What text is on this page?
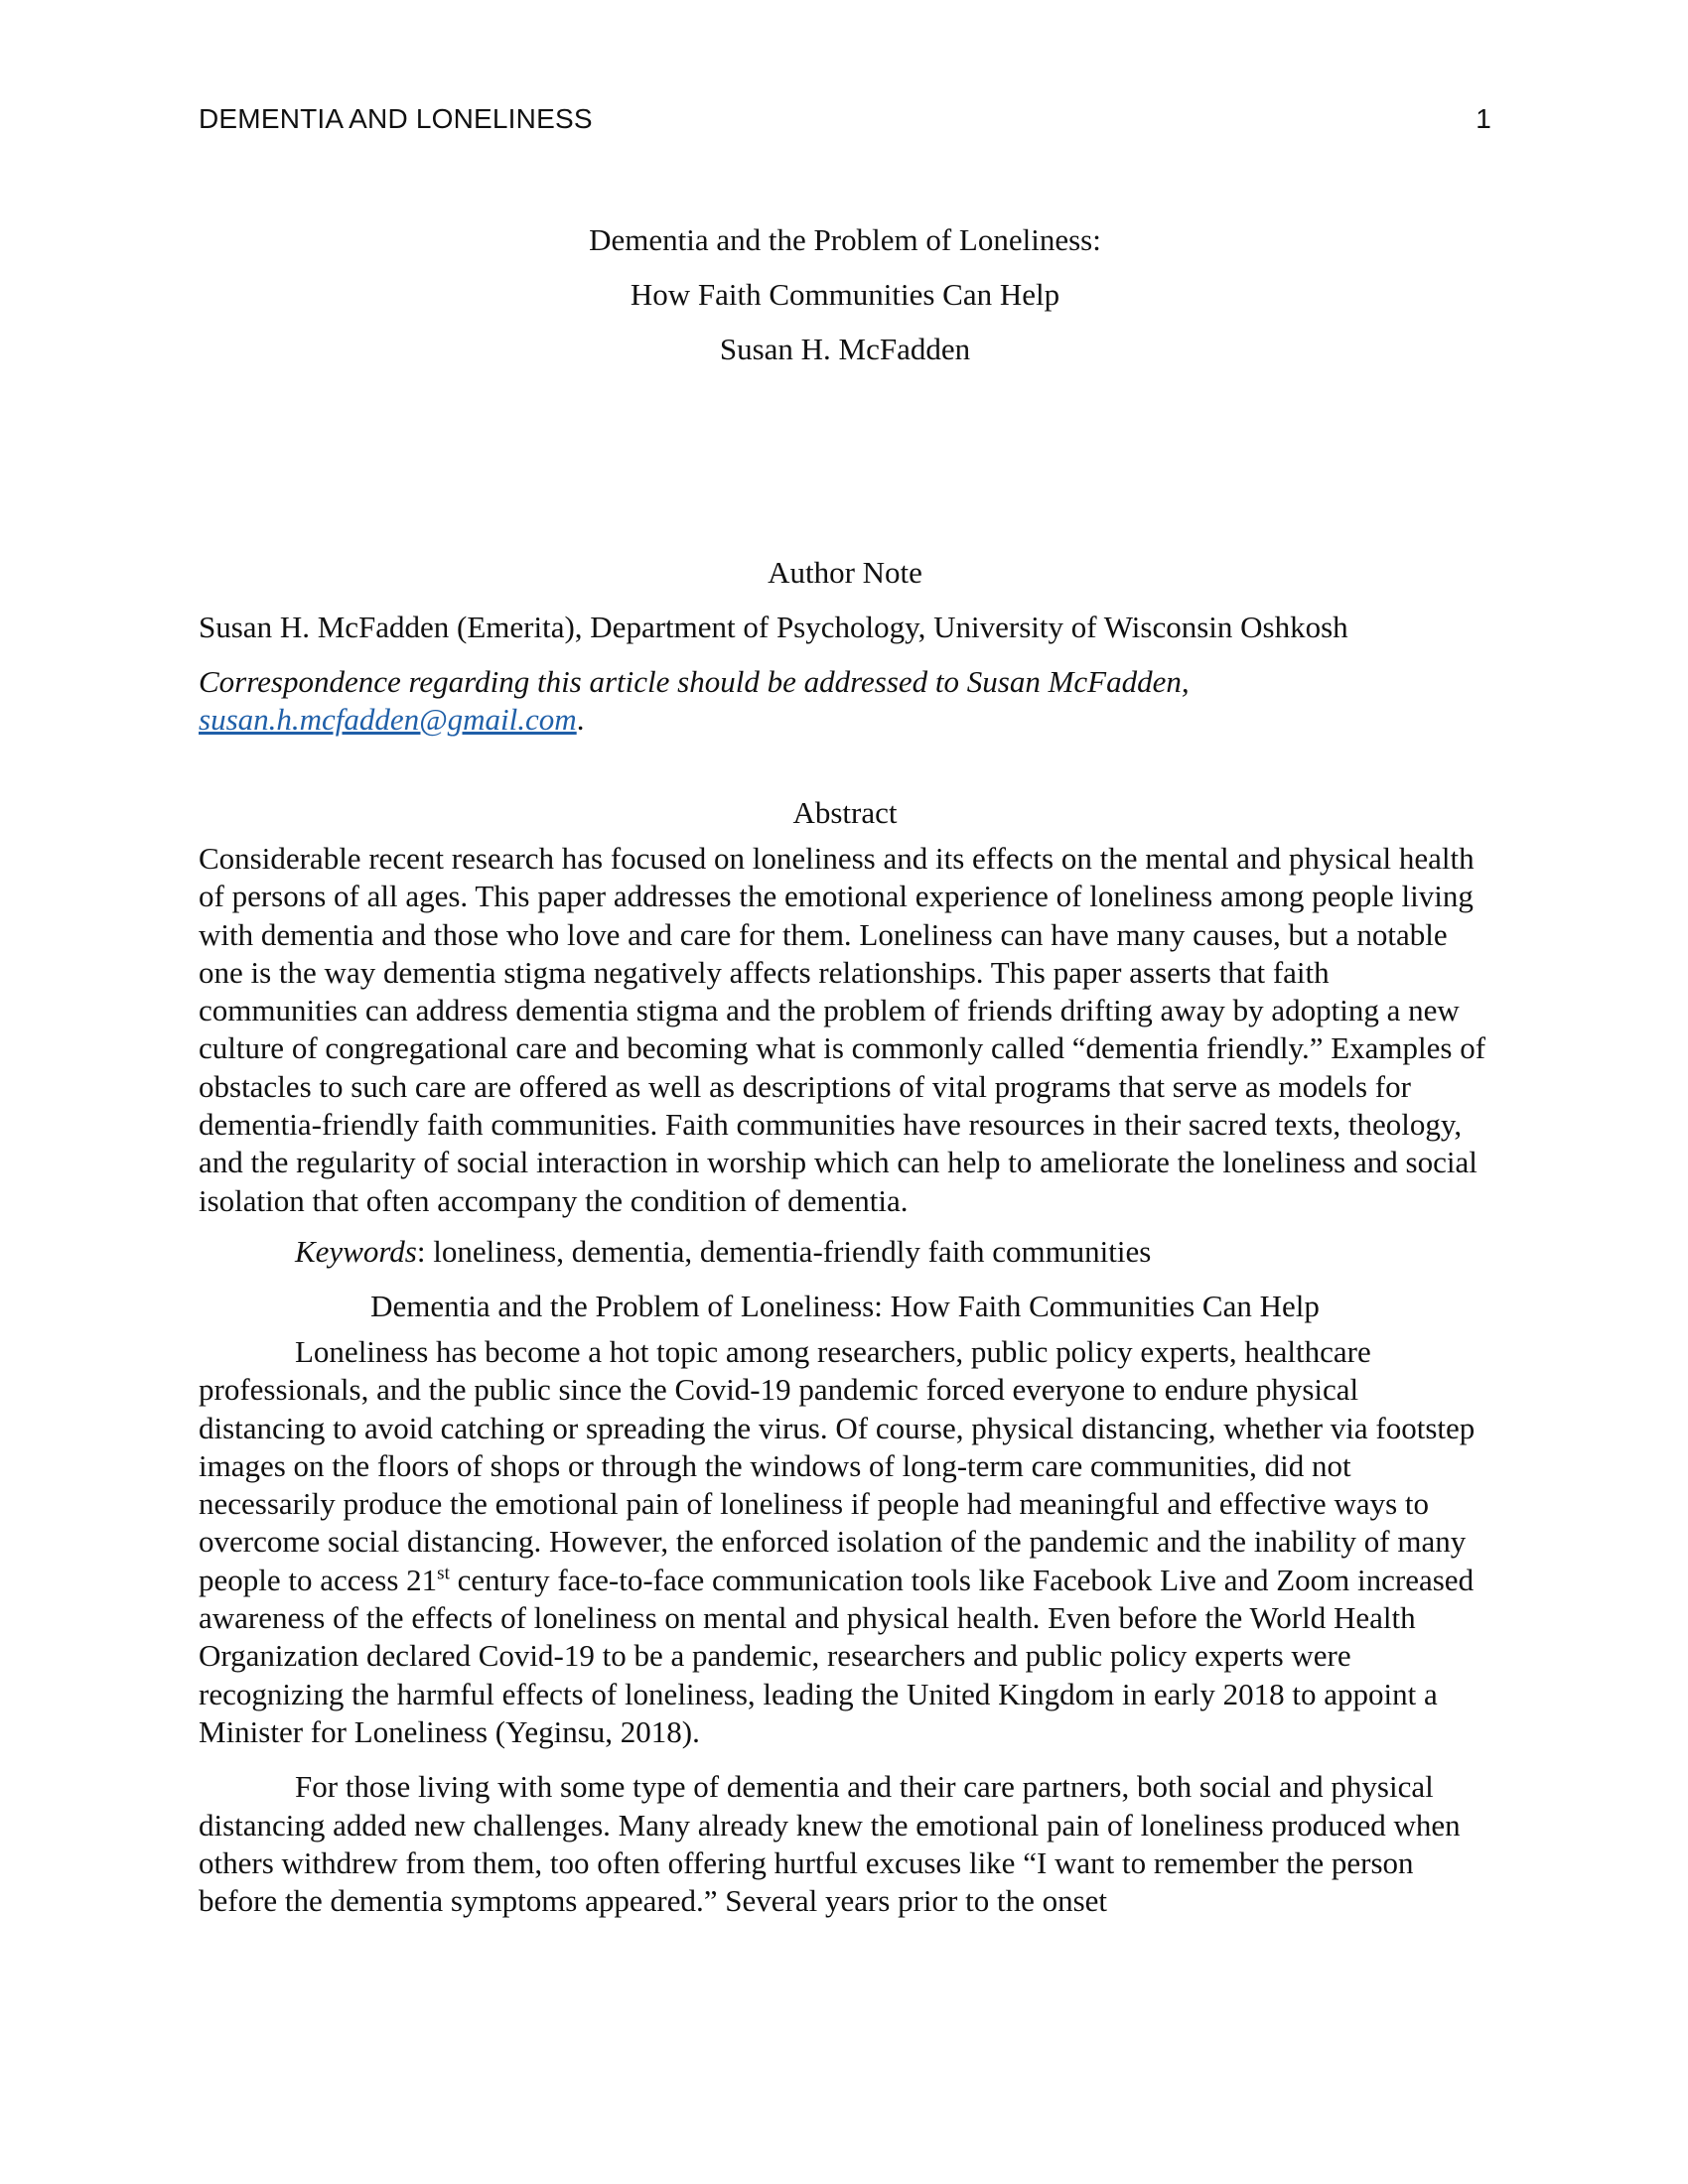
DEMENTIA AND LONELINESS	1
Dementia and the Problem of Loneliness:
How Faith Communities Can Help
Susan H. McFadden
Author Note
Susan H. McFadden (Emerita), Department of Psychology, University of Wisconsin Oshkosh
Correspondence regarding this article should be addressed to Susan McFadden,
susan.h.mcfadden@gmail.com.
Abstract
Considerable recent research has focused on loneliness and its effects on the mental and physical health of persons of all ages. This paper addresses the emotional experience of loneliness among people living with dementia and those who love and care for them. Loneliness can have many causes, but a notable one is the way dementia stigma negatively affects relationships. This paper asserts that faith communities can address dementia stigma and the problem of friends drifting away by adopting a new culture of congregational care and becoming what is commonly called “dementia friendly.” Examples of obstacles to such care are offered as well as descriptions of vital programs that serve as models for dementia-friendly faith communities. Faith communities have resources in their sacred texts, theology, and the regularity of social interaction in worship which can help to ameliorate the loneliness and social isolation that often accompany the condition of dementia.
Keywords: loneliness, dementia, dementia-friendly faith communities
Dementia and the Problem of Loneliness: How Faith Communities Can Help

Loneliness has become a hot topic among researchers, public policy experts, healthcare professionals, and the public since the Covid-19 pandemic forced everyone to endure physical distancing to avoid catching or spreading the virus. Of course, physical distancing, whether via footstep images on the floors of shops or through the windows of long-term care communities, did not necessarily produce the emotional pain of loneliness if people had meaningful and effective ways to overcome social distancing. However, the enforced isolation of the pandemic and the inability of many people to access 21st century face-to-face communication tools like Facebook Live and Zoom increased awareness of the effects of loneliness on mental and physical health. Even before the World Health Organization declared Covid-19 to be a pandemic, researchers and public policy experts were recognizing the harmful effects of loneliness, leading the United Kingdom in early 2018 to appoint a Minister for Loneliness (Yeginsu, 2018).

For those living with some type of dementia and their care partners, both social and physical distancing added new challenges. Many already knew the emotional pain of loneliness produced when others withdrew from them, too often offering hurtful excuses like “I want to remember the person before the dementia symptoms appeared.” Several years prior to the onset
